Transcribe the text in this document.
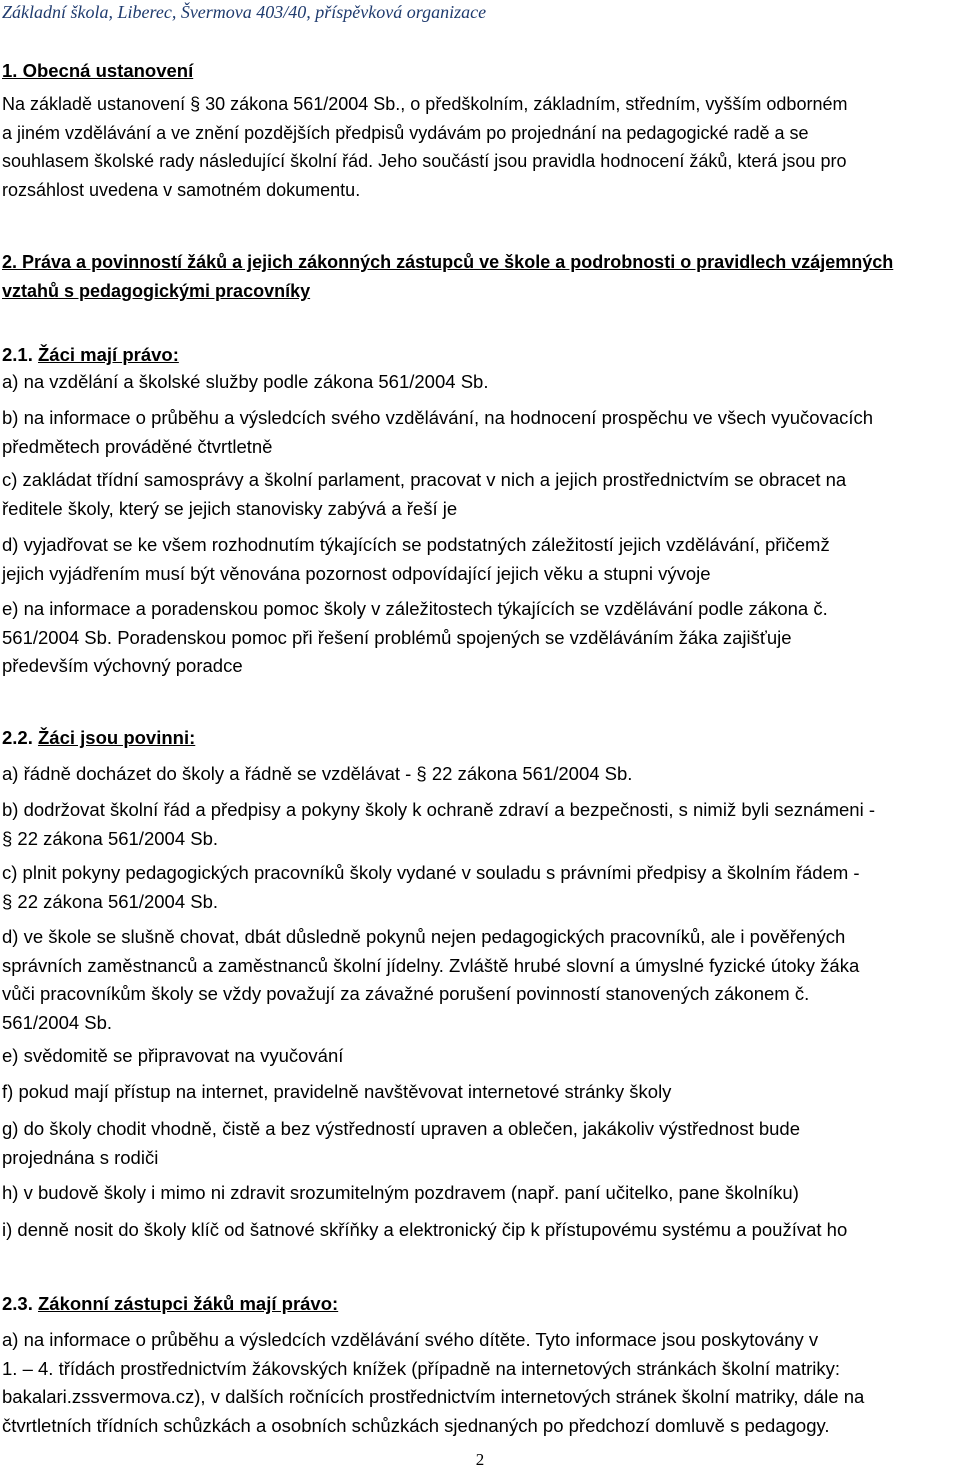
Základní škola, Liberec, Švermova 403/40, příspěvková organizace
1. Obecná ustanovení
Na základě ustanovení § 30 zákona 561/2004 Sb., o předškolním, základním, středním, vyšším odborném
a jiném vzdělávání a ve znění pozdějších předpisů vydávám po projednání na pedagogické radě a se
souhlasem školské rady následující školní řád. Jeho součástí jsou pravidla hodnocení žáků, která jsou pro
rozsáhlost uvedena v samotném dokumentu.
2. Práva a povinností žáků a jejich zákonných zástupců ve škole a podrobnosti o pravidlech vzájemných
vztahů s pedagogickými pracovníky
2.1. Žáci mají právo:
a) na vzdělání a školské služby podle zákona 561/2004 Sb.
b) na informace o průběhu a výsledcích svého vzdělávání, na hodnocení prospěchu ve všech vyučovacích
předmětech prováděné čtvrtletně
c) zakládat třídní samosprávy a školní parlament, pracovat v nich a jejich prostřednictvím se obracet na
ředitele školy, který se jejich stanovisky zabývá a řeší je
d) vyjadřovat se ke všem rozhodnutím týkajících se podstatných záležitostí jejich vzdělávání, přičemž
jejich vyjádřením musí být věnována pozornost odpovídající jejich věku a stupni vývoje
e) na informace a poradenskou pomoc školy v záležitostech týkajících se vzdělávání podle zákona č.
561/2004 Sb. Poradenskou pomoc při řešení problémů spojených se vzděláváním žáka zajišťuje
především výchovný poradce
2.2. Žáci jsou povinni:
a) řádně docházet do školy a řádně se vzdělávat - § 22 zákona 561/2004 Sb.
b) dodržovat školní řád a předpisy a pokyny školy k ochraně zdraví a bezpečnosti, s nimiž byli seznámeni -
§ 22 zákona 561/2004 Sb.
c) plnit pokyny pedagogických pracovníků školy vydané v souladu s právními předpisy a školním řádem -
§ 22 zákona 561/2004 Sb.
d) ve škole se slušně chovat, dbát důsledně pokynů nejen pedagogických pracovníků, ale i pověřených
správních zaměstnanců a zaměstnanců školní jídelny. Zvláště hrubé slovní a úmyslné fyzické útoky žáka
vůči pracovníkům školy se vždy považují za závažné porušení povinností stanovených zákonem č.
561/2004 Sb.
e) svědomitě se připravovat na vyučování
f) pokud mají přístup na internet, pravidelně navštěvovat internetové stránky školy
g) do školy chodit vhodně, čistě a bez výstředností upraven a oblečen, jakákoliv výstřednost bude
projednána s rodiči
h) v budově školy i mimo ni zdravit srozumitelným pozdravem (např. paní učitelko, pane školníku)
i) denně nosit do školy klíč od šatnové skříňky a elektronický čip k přístupovému systému a používat ho
2.3. Zákonní zástupci žáků mají právo:
a) na informace o průběhu a výsledcích vzdělávání svého dítěte. Tyto informace jsou poskytovány v
1. – 4. třídách prostřednictvím žákovských knížek (případně na internetových stránkách školní matriky:
bakalari.zssvermova.cz), v dalších ročnících prostřednictvím internetových stránek školní matriky, dále na
čtvrtletních třídních schůzkách a osobních schůzkách sjednaných po předchozí domluvě s pedagogy.
2
